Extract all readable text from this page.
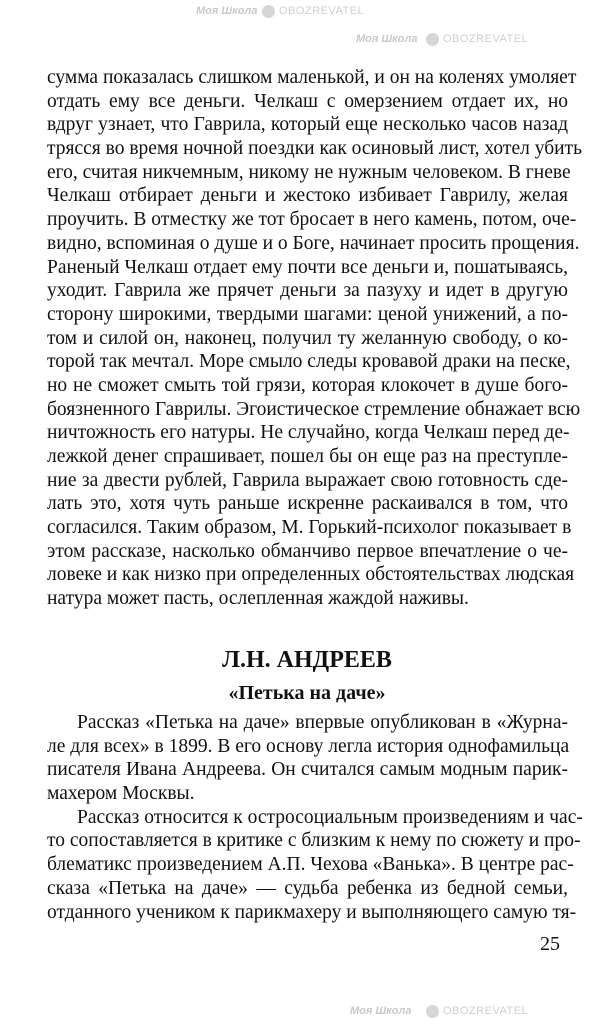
Моя Школа	OBOZREVATEL
Моя Школа	OBOZREVATEL
Моя Школа	OBOZREVATEL
сумма показалась слишком маленькой, и он на коленях умоляет
отдать ему все деньги. Челкаш с омерзением отдает их, но
вдруг узнает, что Гаврила, который еще несколько часов назад
трясся во время ночной поездки как осиновый лист, хотел убить
его, считая никчемным, никому не нужным человеком. В гневе
Челкаш отбирает деньги и жестоко избивает Гаврилу, желая
проучить. В отместку же тот бросает в него камень, потом, оче-
видно, вспоминая о душе и о Боге, начинает просить прощения.
Раненый Челкаш отдает ему почти все деньги и, пошатываясь,
уходит. Гаврила же прячет деньги за пазуху и идет в другую
сторону широкими, твердыми шагами: ценой унижений, а по-
том и силой он, наконец, получил ту желанную свободу, о ко-
торой так мечтал. Море смыло следы кровавой драки на песке,
но не сможет смыть той грязи, которая клокочет в душе бого-
боязненного Гаврилы. Эгоистическое стремление обнажает всю
ничтожность его натуры. Не случайно, когда Челкаш перед де-
лежкой денег спрашивает, пошел бы он еще раз на преступле-
ние за двести рублей, Гаврила выражает свою готовность сде-
лать это, хотя чуть раньше искренне раскаивался в том, что
согласился. Таким образом, М. Горький-психолог показывает в
этом рассказе, насколько обманчиво первое впечатление о че-
ловеке и как низко при определенных обстоятельствах людская
натура может пасть, ослепленная жаждой наживы.
Л.Н. АНДРЕЕВ
«Петька на даче»
Рассказ «Петька на даче» впервые опубликован в «Журна-
ле для всех» в 1899. В его основу легла история однофамильца
писателя Ивана Андреева. Он считался самым модным парик-
махером Москвы.
Рассказ относится к остросоциальным произведениям и час-
то сопоставляется в критике с близким к нему по сюжету и про-
блематикс произведением А.П. Чехова «Ванька». В центре рас-
сказа «Петька на даче» — судьба ребенка из бедной семьи,
отданного учеником к парикмахеру и выполняющего самую тя-
25
